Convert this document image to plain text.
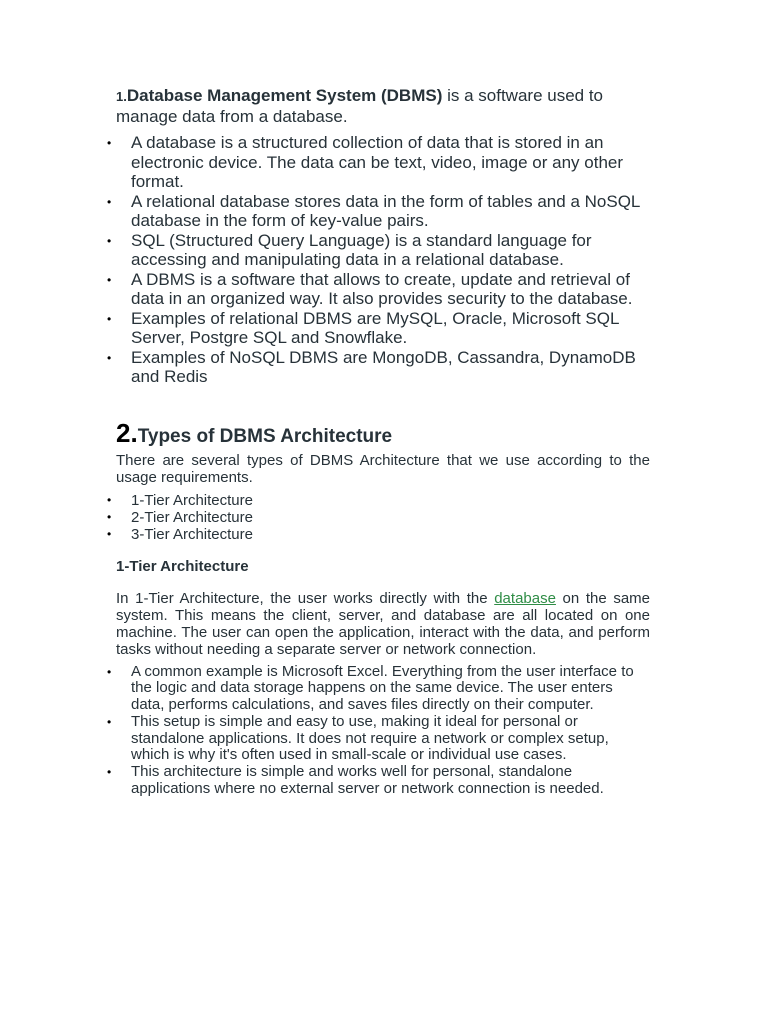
1.Database Management System (DBMS) is a software used to manage data from a database.

• A database is a structured collection of data that is stored in an electronic device. The data can be text, video, image or any other format.
• A relational database stores data in the form of tables and a NoSQL database in the form of key-value pairs.
• SQL (Structured Query Language) is a standard language for accessing and manipulating data in a relational database.
• A DBMS is a software that allows to create, update and retrieval of data in an organized way. It also provides security to the database.
• Examples of relational DBMS are MySQL, Oracle, Microsoft SQL Server, Postgre SQL and Snowflake.
• Examples of NoSQL DBMS are MongoDB, Cassandra, DynamoDB and Redis
2.Types of DBMS Architecture

There are several types of DBMS Architecture that we use according to the usage requirements.

• 1-Tier Architecture
• 2-Tier Architecture
• 3-Tier Architecture
1-Tier Architecture

In 1-Tier Architecture, the user works directly with the database on the same system. This means the client, server, and database are all located on one machine. The user can open the application, interact with the data, and perform tasks without needing a separate server or network connection.

• A common example is Microsoft Excel. Everything from the user interface to the logic and data storage happens on the same device. The user enters data, performs calculations, and saves files directly on their computer.
• This setup is simple and easy to use, making it ideal for personal or standalone applications. It does not require a network or complex setup, which is why it's often used in small-scale or individual use cases.
• This architecture is simple and works well for personal, standalone applications where no external server or network connection is needed.
